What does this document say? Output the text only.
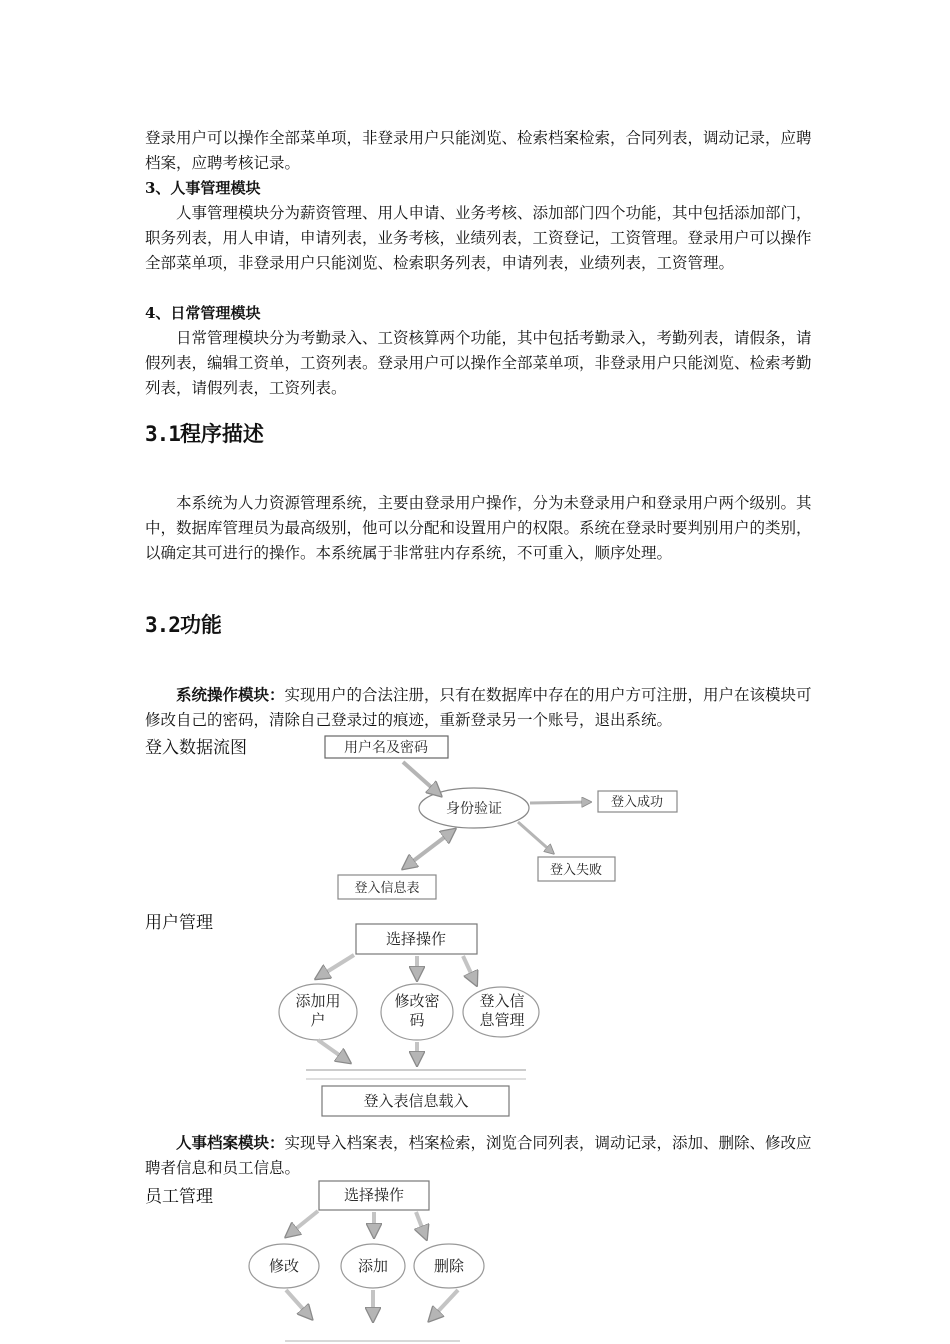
登录用户可以操作全部菜单项，非登录用户只能浏览、检索档案检索，合同列表，调动记录，应聘档案，应聘考核记录。

3、人事管理模块

人事管理模块分为薪资管理、用人申请、业务考核、添加部门四个功能，其中包括添加部门，职务列表，用人申请，申请列表，业务考核，业绩列表，工资登记，工资管理。登录用户可以操作全部菜单项，非登录用户只能浏览、检索职务列表，申请列表，业绩列表，工资管理。

4、日常管理模块

日常管理模块分为考勤录入、工资核算两个功能，其中包括考勤录入，考勤列表，请假条，请假列表，编辑工资单，工资列表。登录用户可以操作全部菜单项，非登录用户只能浏览、检索考勤列表，请假列表，工资列表。

3.1程序描述

本系统为人力资源管理系统，主要由登录用户操作，分为未登录用户和登录用户两个级别。其中，数据库管理员为最高级别，他可以分配和设置用户的权限。系统在登录时要判别用户的类别，以确定其可进行的操作。本系统属于非常驻内存系统，不可重入，顺序处理。

3.2功能

系统操作模块：实现用户的合法注册，只有在数据库中存在的用户方可注册，用户在该模块可修改自己的密码，清除自己登录过的痕迹，重新登录另一个账号，退出系统。

登入数据流图	用户名及密码
身份验证	登入成功
登入失败
登入信息表

用户管理

选择操作
添加用
户
修改密
码
登入信
息管理
登入表信息载入

人事档案模块：实现导入档案表，档案检索，浏览合同列表，调动记录，添加、删除、修改应聘者信息和员工信息。

员工管理	选择操作
修改	添加	删除
